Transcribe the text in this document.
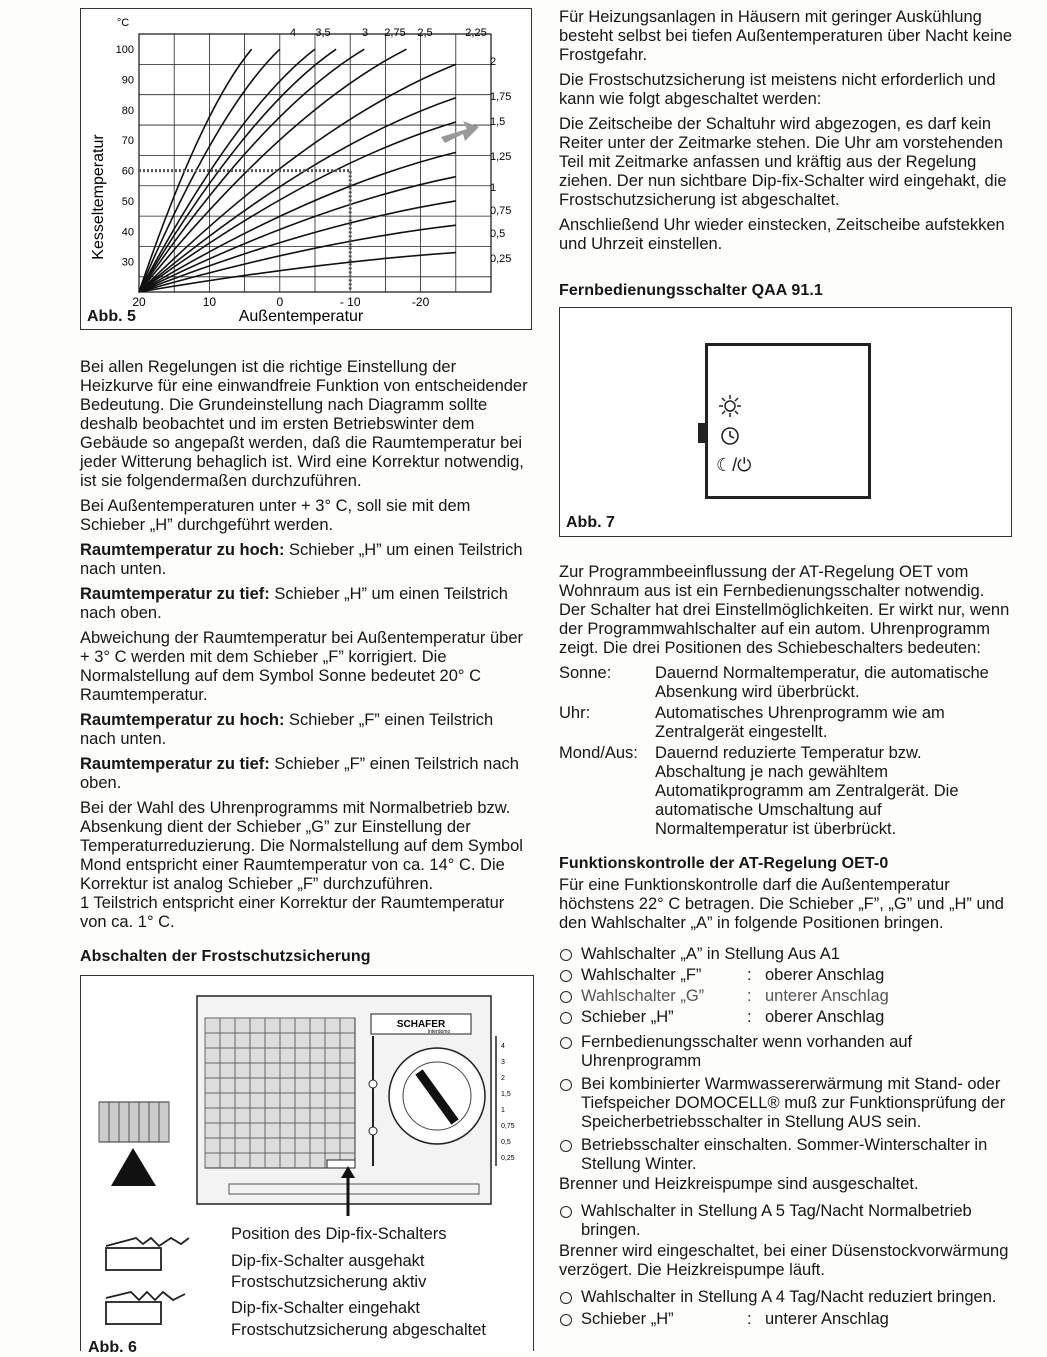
100
90
80
70
60
50
40
30
°C
20	10	0	- 10	-20
Kesseltemperatur
Außentemperatur
4 3,5	3 2,75 2,5	2,25
2
1,75
1,5
1,25
1
0,75
0,5
0,25
Abb. 5

Bei allen Regelungen ist die richtige Einstellung der Heizkurve für eine einwandfreie Funktion von entscheidender Bedeutung. Die Grundeinstellung nach Diagramm sollte deshalb beobachtet und im ersten Betriebswinter dem Gebäude so angepaßt werden, daß die Raumtemperatur bei jeder Witterung behaglich ist. Wird eine Korrektur notwendig, ist sie folgendermaßen durchzuführen.

Bei Außentemperaturen unter + 3° C, soll sie mit dem Schieber „H” durchgeführt werden.

Raumtemperatur zu hoch: Schieber „H” um einen Teilstrich nach unten.

Raumtemperatur zu tief: Schieber „H” um einen Teilstrich nach oben.

Abweichung der Raumtemperatur bei Außentemperatur über + 3° C werden mit dem Schieber „F” korrigiert. Die Normalstellung auf dem Symbol Sonne bedeutet 20° C Raumtemperatur.

Raumtemperatur zu hoch: Schieber „F” einen Teilstrich nach unten.

Raumtemperatur zu tief: Schieber „F” einen Teilstrich nach oben.

Bei der Wahl des Uhrenprogramms mit Normalbetrieb bzw. Absenkung dient der Schieber „G” zur Einstellung der Temperaturreduzierung. Die Normalstellung auf dem Symbol Mond entspricht einer Raumtemperatur von ca. 14° C. Die Korrektur ist analog Schieber „F” durchzuführen.

1 Teilstrich entspricht einer Korrektur der Raumtemperatur von ca. 1° C.

Abschalten der Frostschutzsicherung
SCHAFER
Interdomo
4
3
2
1,5
1
0,75
0,5
0,25
Position des Dip-fix-Schalters
Dip-fix-Schalter ausgehakt
Frostschutzsicherung aktiv
Dip-fix-Schalter eingehakt
Frostschutzsicherung abgeschaltet
Abb. 6

Für Heizungsanlagen in Häusern mit geringer Auskühlung besteht selbst bei tiefen Außentemperaturen über Nacht keine Frostgefahr.

Die Frostschutzsicherung ist meistens nicht erforderlich und kann wie folgt abgeschaltet werden:

Die Zeitscheibe der Schaltuhr wird abgezogen, es darf kein Reiter unter der Zeitmarke stehen. Die Uhr am vorstehenden Teil mit Zeitmarke anfassen und kräftig aus der Regelung ziehen. Der nun sichtbare Dip-fix-Schalter wird eingehakt, die Frostschutzsicherung ist abgeschaltet.

Anschließend Uhr wieder einstecken, Zeitscheibe aufstekken und Uhrzeit einstellen.

Fernbedienungsschalter QAA 91.1
☾/⏻
Abb. 7

Zur Programmbeeinflussung der AT-Regelung OET vom Wohnraum aus ist ein Fernbedienungsschalter notwendig. Der Schalter hat drei Einstellmöglichkeiten. Er wirkt nur, wenn der Programmwahlschalter auf ein autom. Uhrenprogramm zeigt. Die drei Positionen des Schiebeschalters bedeuten:

Sonne:	Dauernd Normaltemperatur, die automatische Absenkung wird überbrückt.
Uhr:	Automatisches Uhrenprogramm wie am Zentralgerät eingestellt.
Mond/Aus:	Dauernd reduzierte Temperatur bzw. Abschaltung je nach gewähltem Automatikprogramm am Zentralgerät. Die automatische Umschaltung auf Normaltemperatur ist überbrückt.
Funktionskontrolle der AT-Regelung OET-0

Für eine Funktionskontrolle darf die Außentemperatur höchstens 22° C betragen. Die Schieber „F”, „G” und „H” und den Wahlschalter „A” in folgende Positionen bringen.

Wahlschalter „A” in Stellung Aus A1
Wahlschalter „F”	: oberer Anschlag
Wahlschalter „G”	: unterer Anschlag
Schieber „H”	: oberer Anschlag
Fernbedienungsschalter wenn vorhanden auf Uhrenprogramm
Bei kombinierter Warmwassererwärmung mit Stand- oder Tiefspeicher DOMOCELL® muß zur Funktionsprüfung der Speicherbetriebsschalter in Stellung AUS sein.
Betriebsschalter einschalten. Sommer-Winterschalter in Stellung Winter.

Brenner und Heizkreispumpe sind ausgeschaltet.

Wahlschalter in Stellung A 5 Tag/Nacht Normalbetrieb bringen.

Brenner wird eingeschaltet, bei einer Düsenstockvorwärmung verzögert. Die Heizkreispumpe läuft.

Wahlschalter in Stellung A 4 Tag/Nacht reduziert bringen.
Schieber „H”	: unterer Anschlag
